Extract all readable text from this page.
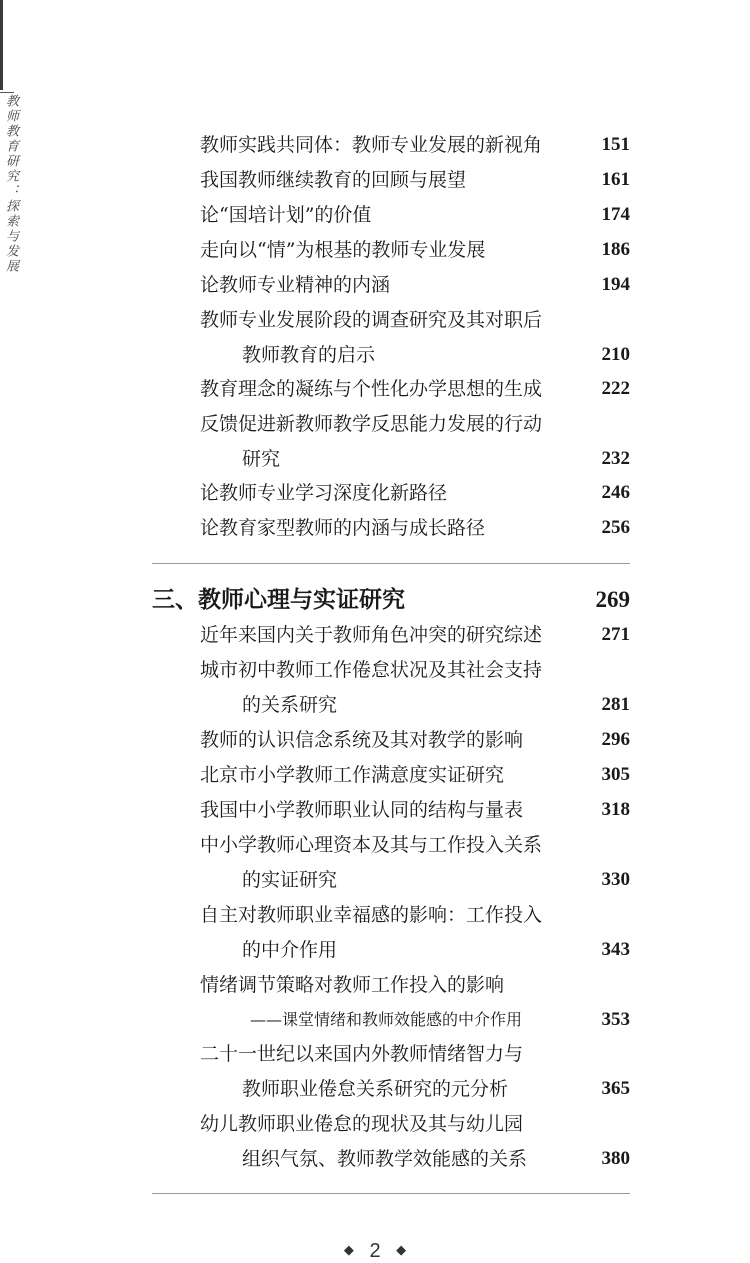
教师教育研究：探索与发展	教师实践共同体：教师专业发展的新视角	151
我国教师继续教育的回顾与展望	161
论“国培计划”的价值	174
走向以“情”为根基的教师专业发展	186
论教师专业精神的内涵	194
教师专业发展阶段的调查研究及其对职后
教师教育的启示	210
教育理念的凝练与个性化办学思想的生成	222
反馈促进新教师教学反思能力发展的行动
研究	232
论教师专业学习深度化新路径	246
论教育家型教师的内涵与成长路径	256
三、教师心理与实证研究	269
近年来国内关于教师角色冲突的研究综述	271
城市初中教师工作倦怠状况及其社会支持
的关系研究	281
教师的认识信念系统及其对教学的影响	296
北京市小学教师工作满意度实证研究	305
我国中小学教师职业认同的结构与量表	318
中小学教师心理资本及其与工作投入关系
的实证研究	330
自主对教师职业幸福感的影响：工作投入
的中介作用	343
情绪调节策略对教师工作投入的影响
——课堂情绪和教师效能感的中介作用	353
二十一世纪以来国内外教师情绪智力与
教师职业倦怠关系研究的元分析	365
幼儿教师职业倦怠的现状及其与幼儿园
组织气氛、教师教学效能感的关系	380
◆ 2 ◆
